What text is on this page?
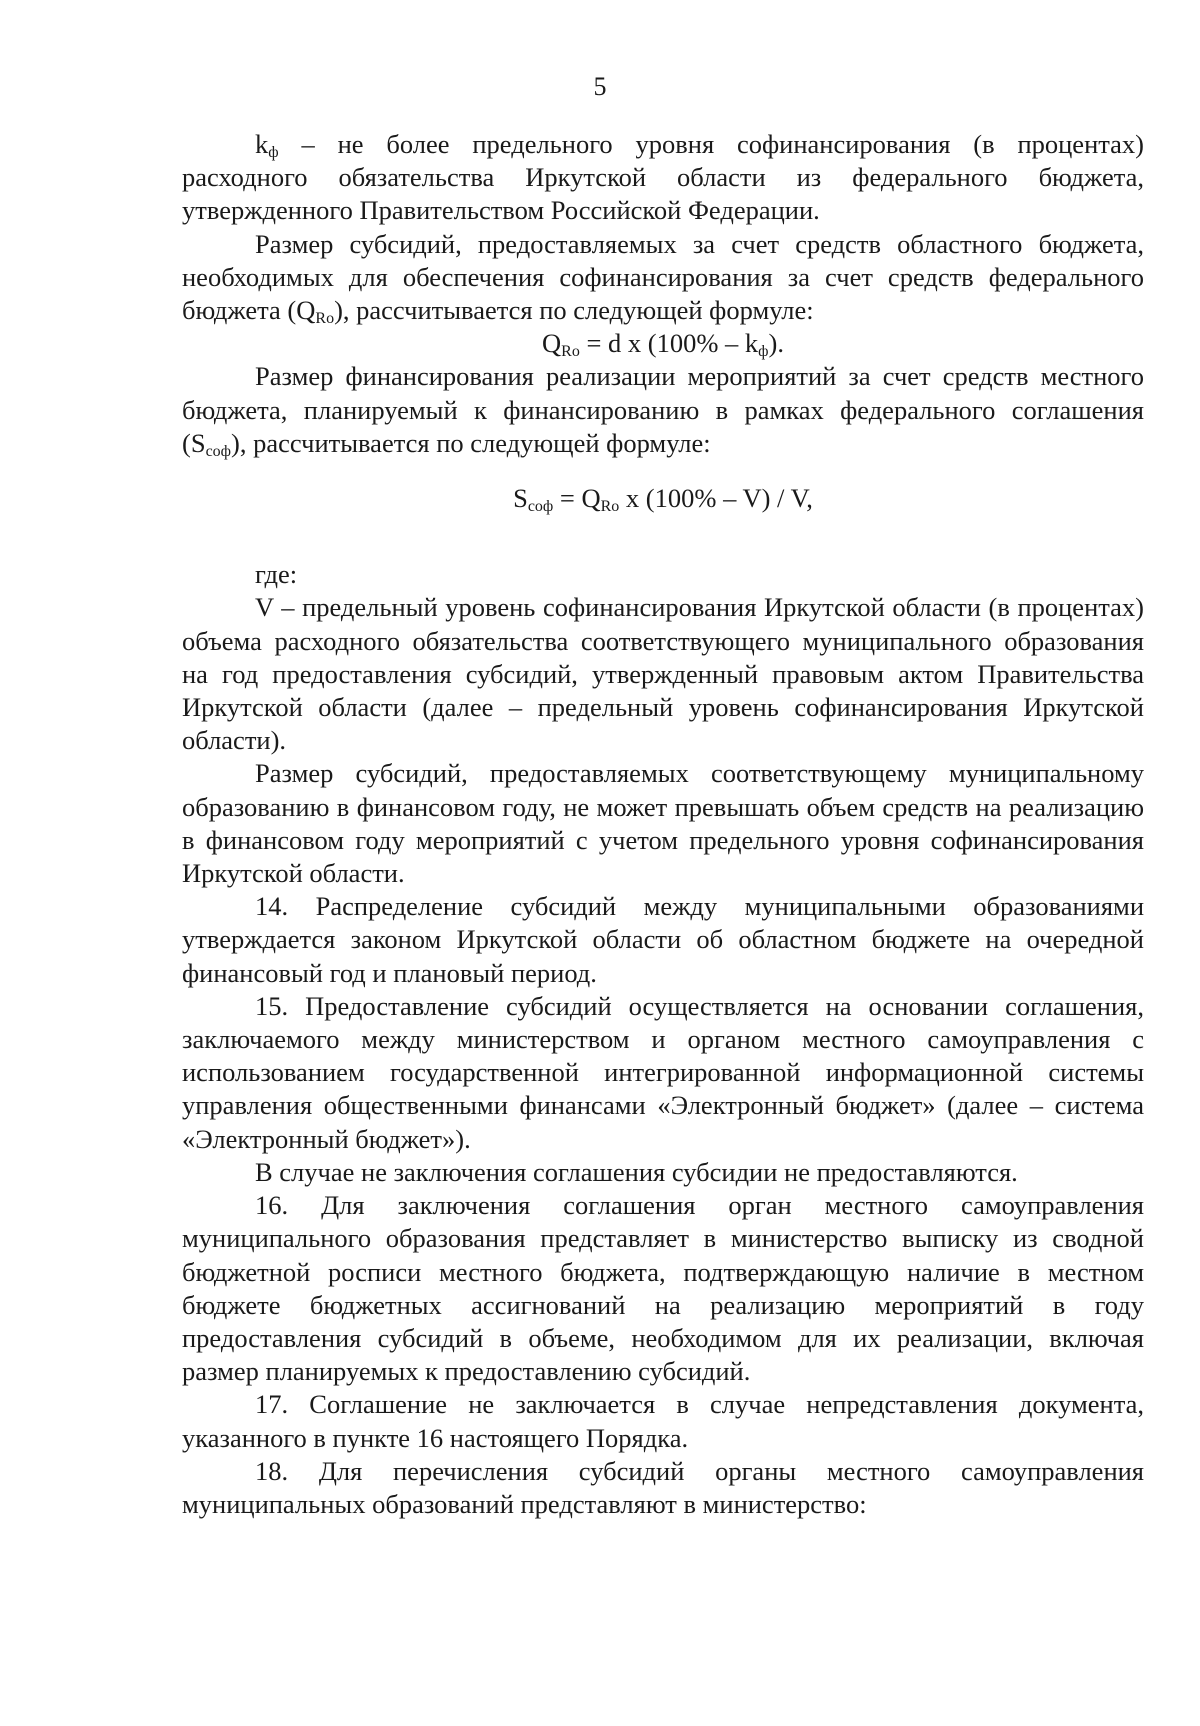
5

$k_ф$ – не более предельного уровня софинансирования (в процентах) расходного обязательства Иркутской области из федерального бюджета, утвержденного Правительством Российской Федерации.

Размер субсидий, предоставляемых за счет средств областного бюджета, необходимых для обеспечения софинансирования за счет средств федерального бюджета $(Q_{Ro})$, рассчитывается по следующей формуле:

$Q_{Ro} = d$ x $(100\% - k_ф)$.

Размер финансирования реализации мероприятий за счет средств местного бюджета, планируемый к финансированию в рамках федерального соглашения $(S_{соф})$, рассчитывается по следующей формуле:

$S_{соф} = Q_{Ro}$ x (100% – V) / V,

где:

V – предельный уровень софинансирования Иркутской области (в процентах) объема расходного обязательства соответствующего муниципального образования на год предоставления субсидий, утвержденный правовым актом Правительства Иркутской области (далее – предельный уровень софинансирования Иркутской области).

Размер субсидий, предоставляемых соответствующему муниципальному образованию в финансовом году, не может превышать объем средств на реализацию в финансовом году мероприятий с учетом предельного уровня софинансирования Иркутской области.

14. Распределение субсидий между муниципальными образованиями утверждается законом Иркутской области об областном бюджете на очередной финансовый год и плановый период.

15. Предоставление субсидий осуществляется на основании соглашения, заключаемого между министерством и органом местного самоуправления с использованием государственной интегрированной информационной системы управления общественными финансами «Электронный бюджет» (далее – система «Электронный бюджет»).

В случае не заключения соглашения субсидии не предоставляются.

16. Для заключения соглашения орган местного самоуправления муниципального образования представляет в министерство выписку из сводной бюджетной росписи местного бюджета, подтверждающую наличие в местном бюджете бюджетных ассигнований на реализацию мероприятий в году предоставления субсидий в объеме, необходимом для их реализации, включая размер планируемых к предоставлению субсидий.

17. Соглашение не заключается в случае непредставления документа, указанного в пункте 16 настоящего Порядка.

18. Для перечисления субсидий органы местного самоуправления муниципальных образований представляют в министерство:
